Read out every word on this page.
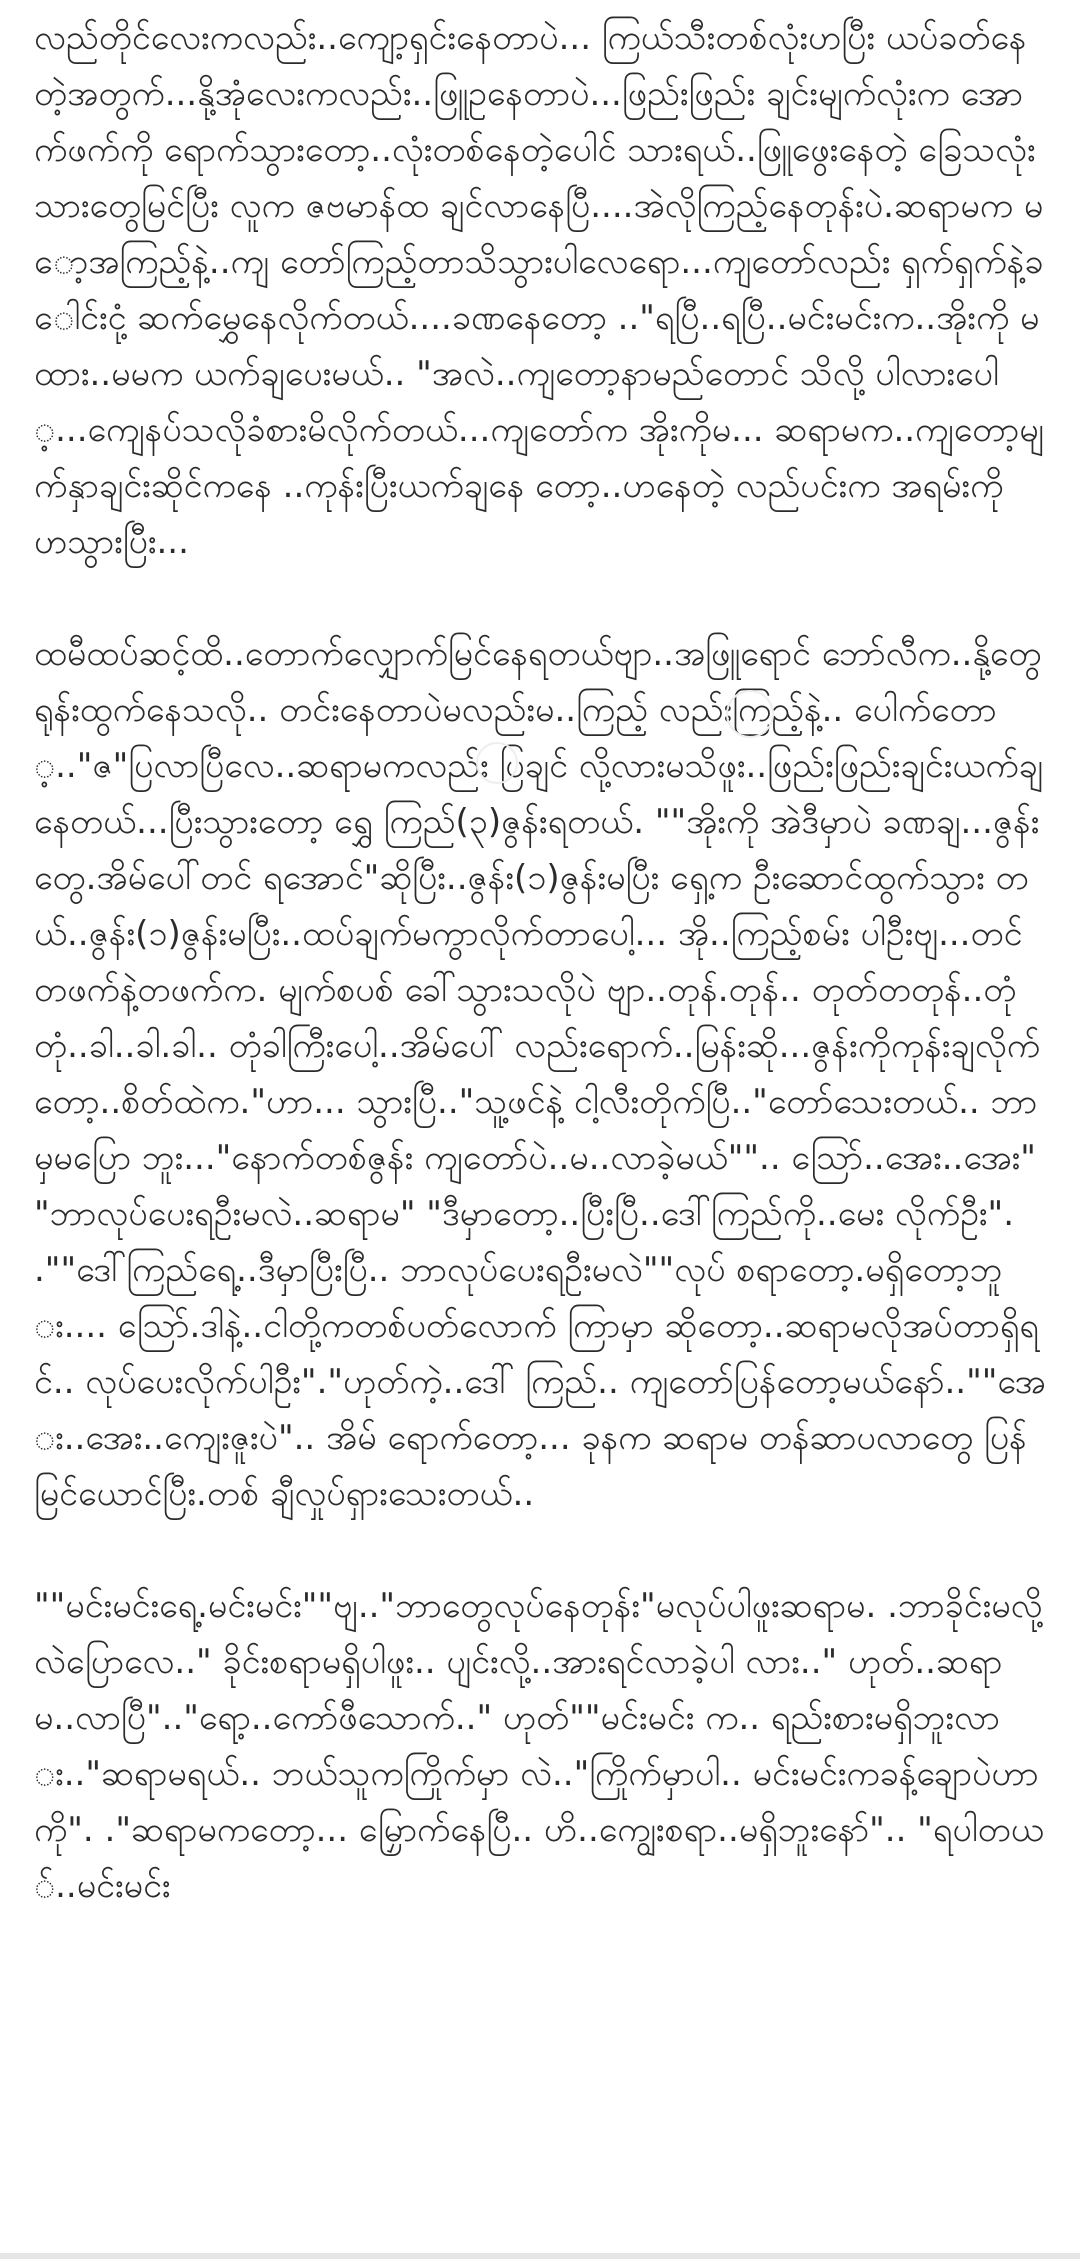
လည်တိုင်လေးကလည်း..ကျော့ရှင်းနေတာပဲ... ကြယ်သီးတစ်လုံးဟပြီး ယပ်ခတ်နေတဲ့အတွက်...နို့အုံလေးကလည်း..ဖြူဥနေတာပဲ...ဖြည်းဖြည်း ချင်းမျက်လုံးက အောက်ဖက်ကို ရောက်သွားတော့..လုံးတစ်နေတဲ့ပေါင် သားရယ်..ဖြူဖွေးနေတဲ့ ခြေသလုံးသားတွေမြင်ပြီး လူက ဇဗမာန်ထ ချင်လာနေပြီ....အဲလိုကြည့်နေတုန်းပဲ.ဆရာမက မော့အကြည့်နဲ့..ကျ တော်ကြည့်တာသိသွားပါလေရော...ကျတော်လည်း ရှက်ရှက်နဲ့ခေါင်းငုံ့ ဆက်မွှေနေလိုက်တယ်....ခဏနေတော့ .."ရပြီ..ရပြီ..မင်းမင်းက..အိုးကို မထား..မမက ယက်ချပေးမယ်.. "အလဲ..ကျတော့နာမည်တောင် သိလို့ ပါလားပေါ့...ကျေနပ်သလိုခံစားမိလိုက်တယ်...ကျတော်က အိုးကိုမ... ဆရာမက..ကျတော့မျက်နှာချင်းဆိုင်ကနေ ..ကုန်းပြီးယက်ချနေ တော့..ဟနေတဲ့ လည်ပင်းက အရမ်းကို ဟသွားပြီး...

ထမီထပ်ဆင့်ထိ..တောက်လျှောက်မြင်နေရတယ်ဗျာ..အဖြူရောင် ဘော်လီက..နို့တွေရုန်းထွက်နေသလို.. တင်းနေတာပဲမလည်းမ..ကြည့် လည်းကြည့်နဲ့.. ပေါက်တော့.."ဇ"ပြလာပြီလေ..ဆရာမကလည်း ပြချင် လို့လားမသိဖူး..ဖြည်းဖြည်းချင်းယက်ချနေတယ်...ပြီးသွားတော့ ရွှေ ကြည်(၃)ဇွန်းရတယ်. ""အိုးကို အဲဒီမှာပဲ ခဏချ...ဇွန်းတွေ.အိမ်ပေါ်တင် ရအောင်"ဆိုပြီး..ဇွန်း(၁)ဇွန်းမပြီး ရှေ့က ဦးဆောင်ထွက်သွား တယ်..ဇွန်း(၁)ဇွန်းမပြီး..ထပ်ချက်မကွာလိုက်တာပေါ့... အို..ကြည့်စမ်း ပါဦးဗျ...တင်တဖက်နဲ့တဖက်က. မျက်စပစ် ခေါ်သွားသလိုပဲ ဗျာ..တုန်.တုန်.. တုတ်တတုန်..တုံတုံ..ခါ..ခါ.ခါ.. တုံခါကြီးပေါ့..အိမ်ပေါ် လည်းရောက်..မြန်းဆို...ဇွန်းကိုကုန်းချလိုက်တော့..စိတ်ထဲက."ဟာ... သွားပြီ.."သူ့ဖင်နဲ့ ငါ့လီးတိုက်ပြီ.."တော်သေးတယ်.. ဘာမှမပြော ဘူး..."နောက်တစ်ဇွန်း ကျတော်ပဲ..မ..လာခဲ့မယ်"".. ဩော်..အေး..အေး" "ဘာလုပ်ပေးရဦးမလဲ..ဆရာမ" "ဒီမှာတော့..ပြီးပြီ..ဒေါ်ကြည်ကို..မေး လိုက်ဦး". .""ဒေါ်ကြည်ရေ့..ဒီမှာပြီးပြီ.. ဘာလုပ်ပေးရဦးမလဲ""လုပ် စရာတော့.မရှိတော့ဘူး.... ဩော်.ဒါနဲ့..ငါတို့ကတစ်ပတ်လောက် ကြာမှာ ဆိုတော့..ဆရာမလိုအပ်တာရှိရင်.. လုပ်ပေးလိုက်ပါဦး"."ဟုတ်ကဲ့..ဒေါ် ကြည်.. ကျတော်ပြန်တော့မယ်နော်..""အေး..အေး..ကျေးဇူးပဲ".. အိမ် ရောက်တော့... ခုနက ဆရာမ တန်ဆာပလာတွေ ပြန်မြင်ယောင်ပြီး.တစ် ချီလှုပ်ရှားသေးတယ်..

""မင်းမင်းရေ့.မင်းမင်း""ဗျ.."ဘာတွေလုပ်နေတုန်း"မလုပ်ပါဖူးဆရာမ. .ဘာခိုင်းမလို့လဲပြောလေ.." ခိုင်းစရာမရှိပါဖူး.. ပျင်းလို့..အားရင်လာခဲ့ပါ လား.." ဟုတ်..ဆရာမ..လာပြီ".."ရော့..ကော်ဖီသောက်.." ဟုတ်""မင်းမင်း က.. ရည်းစားမရှိဘူးလား.."ဆရာမရယ်.. ဘယ်သူကကြိုက်မှာ လဲ.."ကြိုက်မှာပါ.. မင်းမင်းကခန့်ချောပဲဟာကို". ."ဆရာမကတော့... မြှောက်နေပြီ.. ဟိ..ကျွေးစရာ..မရှိဘူးနော်".. "ရပါတယ်..မင်းမင်း
